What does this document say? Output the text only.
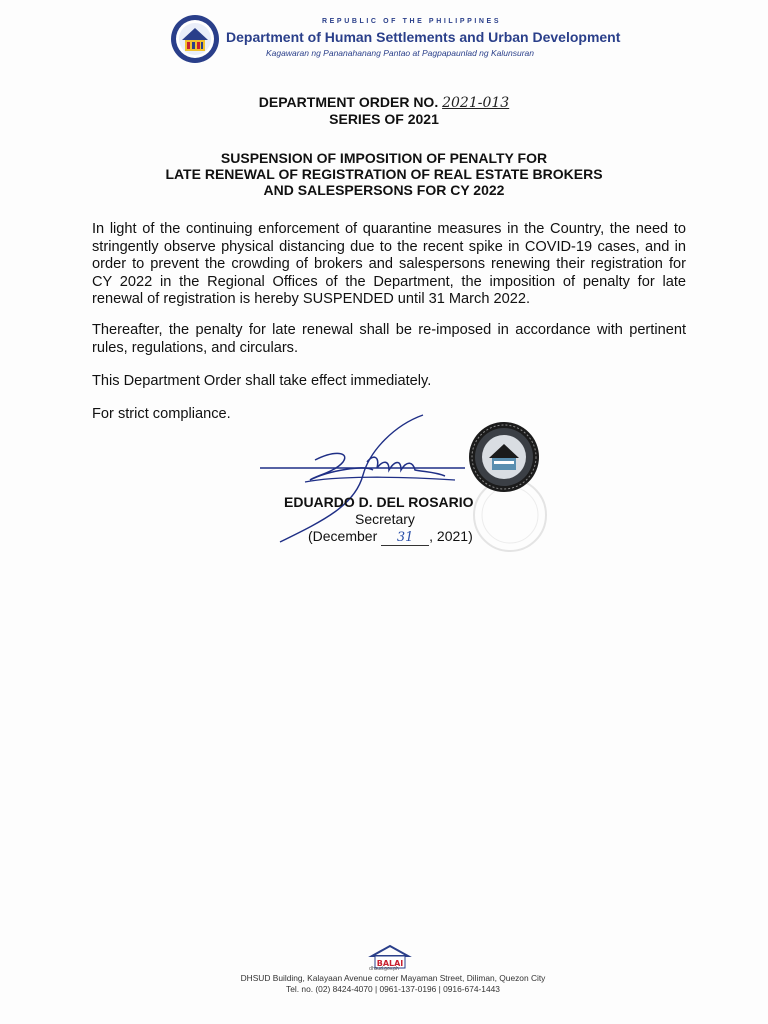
REPUBLIC OF THE PHILIPPINES
Department of Human Settlements and Urban Development
Kagawaran ng Pananahanang Pantao at Pagpapaunlad ng Kalunsuran
DEPARTMENT ORDER NO. 2021-013
SERIES OF 2021
SUSPENSION OF IMPOSITION OF PENALTY FOR
LATE RENEWAL OF REGISTRATION OF REAL ESTATE BROKERS
AND SALESPERSONS FOR CY 2022
In light of the continuing enforcement of quarantine measures in the Country, the need to stringently observe physical distancing due to the recent spike in COVID-19 cases, and in order to prevent the crowding of brokers and salespersons renewing their registration for CY 2022 in the Regional Offices of the Department, the imposition of penalty for late renewal of registration is hereby SUSPENDED until 31 March 2022.
Thereafter, the penalty for late renewal shall be re-imposed in accordance with pertinent rules, regulations, and circulars.
This Department Order shall take effect immediately.
For strict compliance.
EDUARDO D. DEL ROSARIO
Secretary
(December 31 , 2021)
BALAI
dhsud.gov.ph
DHSUD Building, Kalayaan Avenue corner Mayaman Street, Diliman, Quezon City
Tel. no. (02) 8424-4070 | 0961-137-0196 | 0916-674-1443
